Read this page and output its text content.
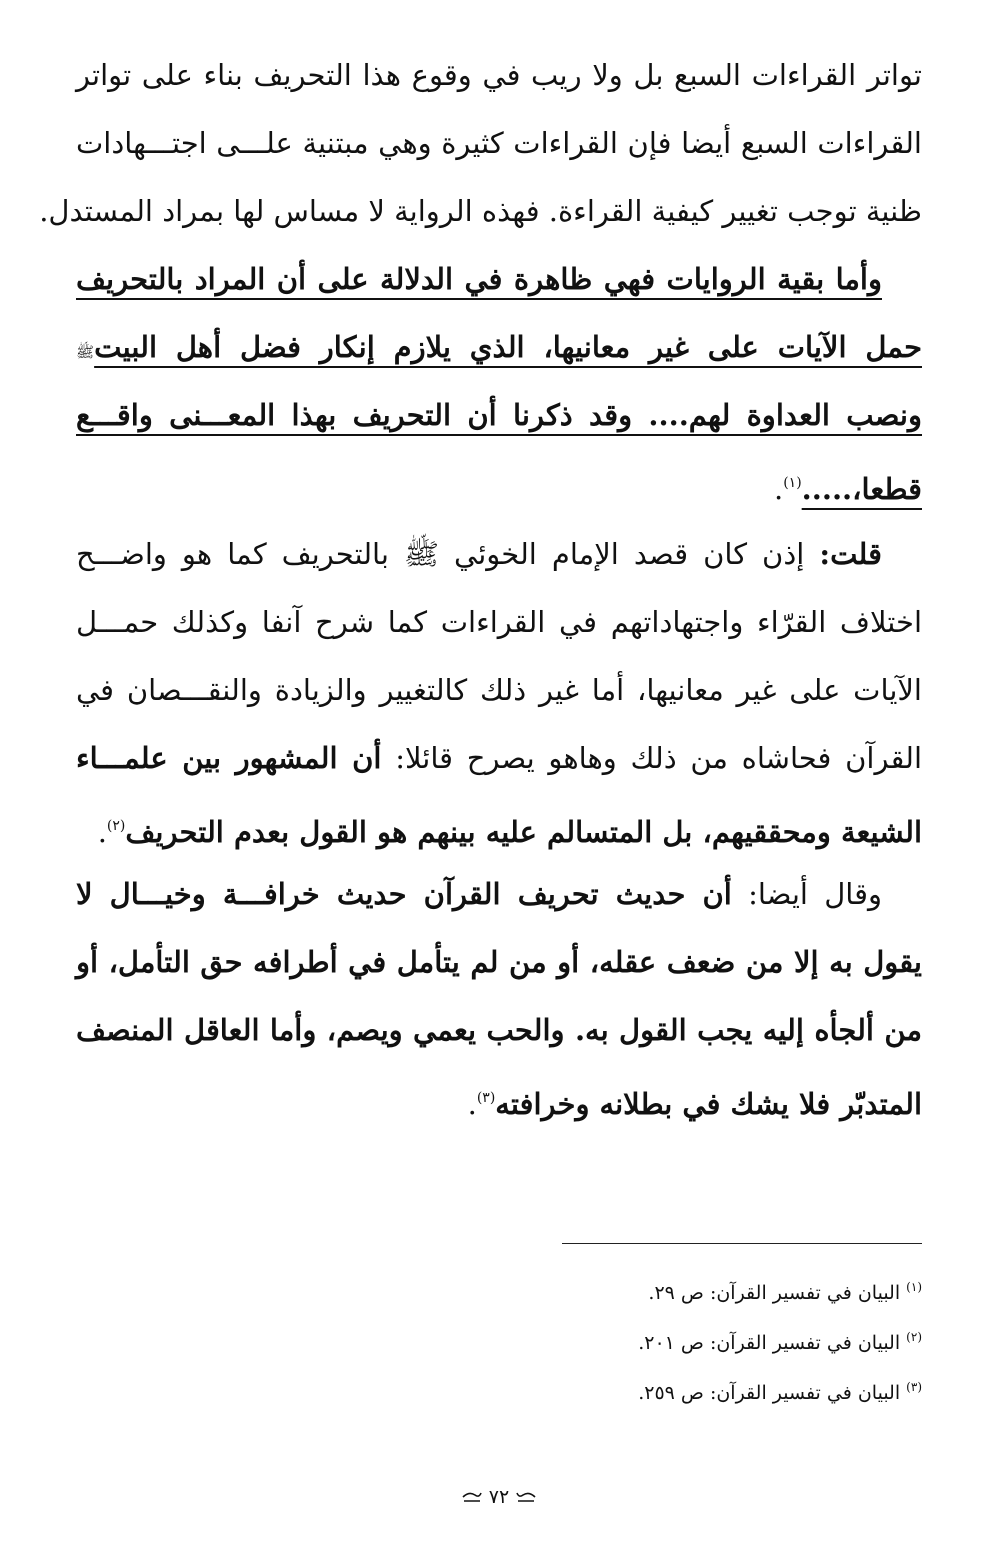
تواتر القراءات السبع بل ولا ريب في وقوع هذا التحريف بناء على تواتر
القراءات السبع أيضا فإن القراءات كثيرة وهي مبتنية علـــى اجتـــهادات
ظنية توجب تغيير كيفية القراءة. فهذه الرواية لا مساس لها بمراد المستدل.
وأما بقية الروايات فهي ظاهرة في الدلالة على أن المراد بالتحريف
حمل الآيات على غير معانيها، الذي يلازم إنكار فضل أهل البيتﷺ
ونصب العداوة لهم.... وقد ذكرنا أن التحريف بهذا المعـــنى واقـــع
قطعا،.....$^{(١)}$.
قلت: إذن كان قصد الإمام الخوئي ﷺ بالتحريف كما هو واضـــح
اختلاف القرّاء واجتهاداتهم في القراءات كما شرح آنفا وكذلك حمـــل
الآيات على غير معانيها، أما غير ذلك كالتغيير والزيادة والنقـــصان في
القرآن فحاشاه من ذلك وهاهو يصرح قائلا: أن المشهور بين علمـــاء
الشيعة ومحققيهم، بل المتسالم عليه بينهم هو القول بعدم التحريف$^{(٢)}$.
وقال أيضا: أن حديث تحريف القرآن حديث خرافـــة وخيـــال لا
يقول به إلا من ضعف عقله، أو من لم يتأمل في أطرافه حق التأمل، أو
من ألجأه إليه يجب القول به. والحب يعمي ويصم، وأما العاقل المنصف
المتدبّر فلا يشك في بطلانه وخرافته$^{(٣)}$.
$^{(١)}$ البيان في تفسير القرآن: ص ٢٩.
$^{(٢)}$ البيان في تفسير القرآن: ص ٢٠١.
$^{(٣)}$ البيان في تفسير القرآن: ص ٢٥٩.
٧٢
